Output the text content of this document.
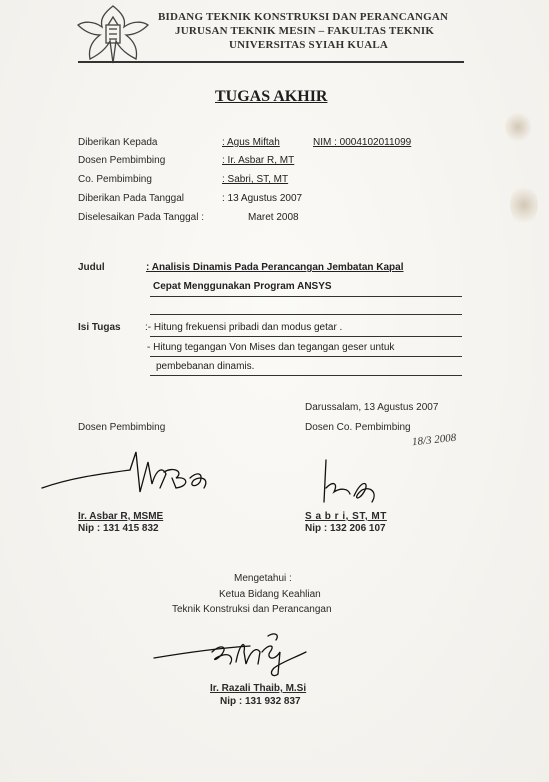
BIDANG TEKNIK KONSTRUKSI DAN PERANCANGAN
JURUSAN TEKNIK MESIN – FAKULTAS TEKNIK
UNIVERSITAS SYIAH KUALA
TUGAS AKHIR
Diberikan Kepada	: Agus Miftah	NIM : 0004102011099
Dosen Pembimbing	: Ir. Asbar R, MT
Co. Pembimbing	: Sabri, ST, MT
Diberikan Pada Tanggal	: 13 Agustus 2007
Diselesaikan Pada Tanggal :	Maret 2008
Judul	: Analisis Dinamis Pada Perancangan Jembatan Kapal
Cepat Menggunakan Program ANSYS
Isi Tugas :- Hitung frekuensi pribadi dan modus getar .
- Hitung tegangan Von Mises dan tegangan geser untuk
pembebanan dinamis.
Darussalam, 13 Agustus 2007
Dosen Pembimbing	Dosen Co. Pembimbing
18/3 2008
Ir. Asbar R, MSME
Nip : 131 415 832
S a b r i, ST, MT
Nip : 132 206 107
Mengetahui :
Ketua Bidang Keahlian
Teknik Konstruksi dan Perancangan
Ir. Razali Thaib, M.Si
Nip : 131 932 837
